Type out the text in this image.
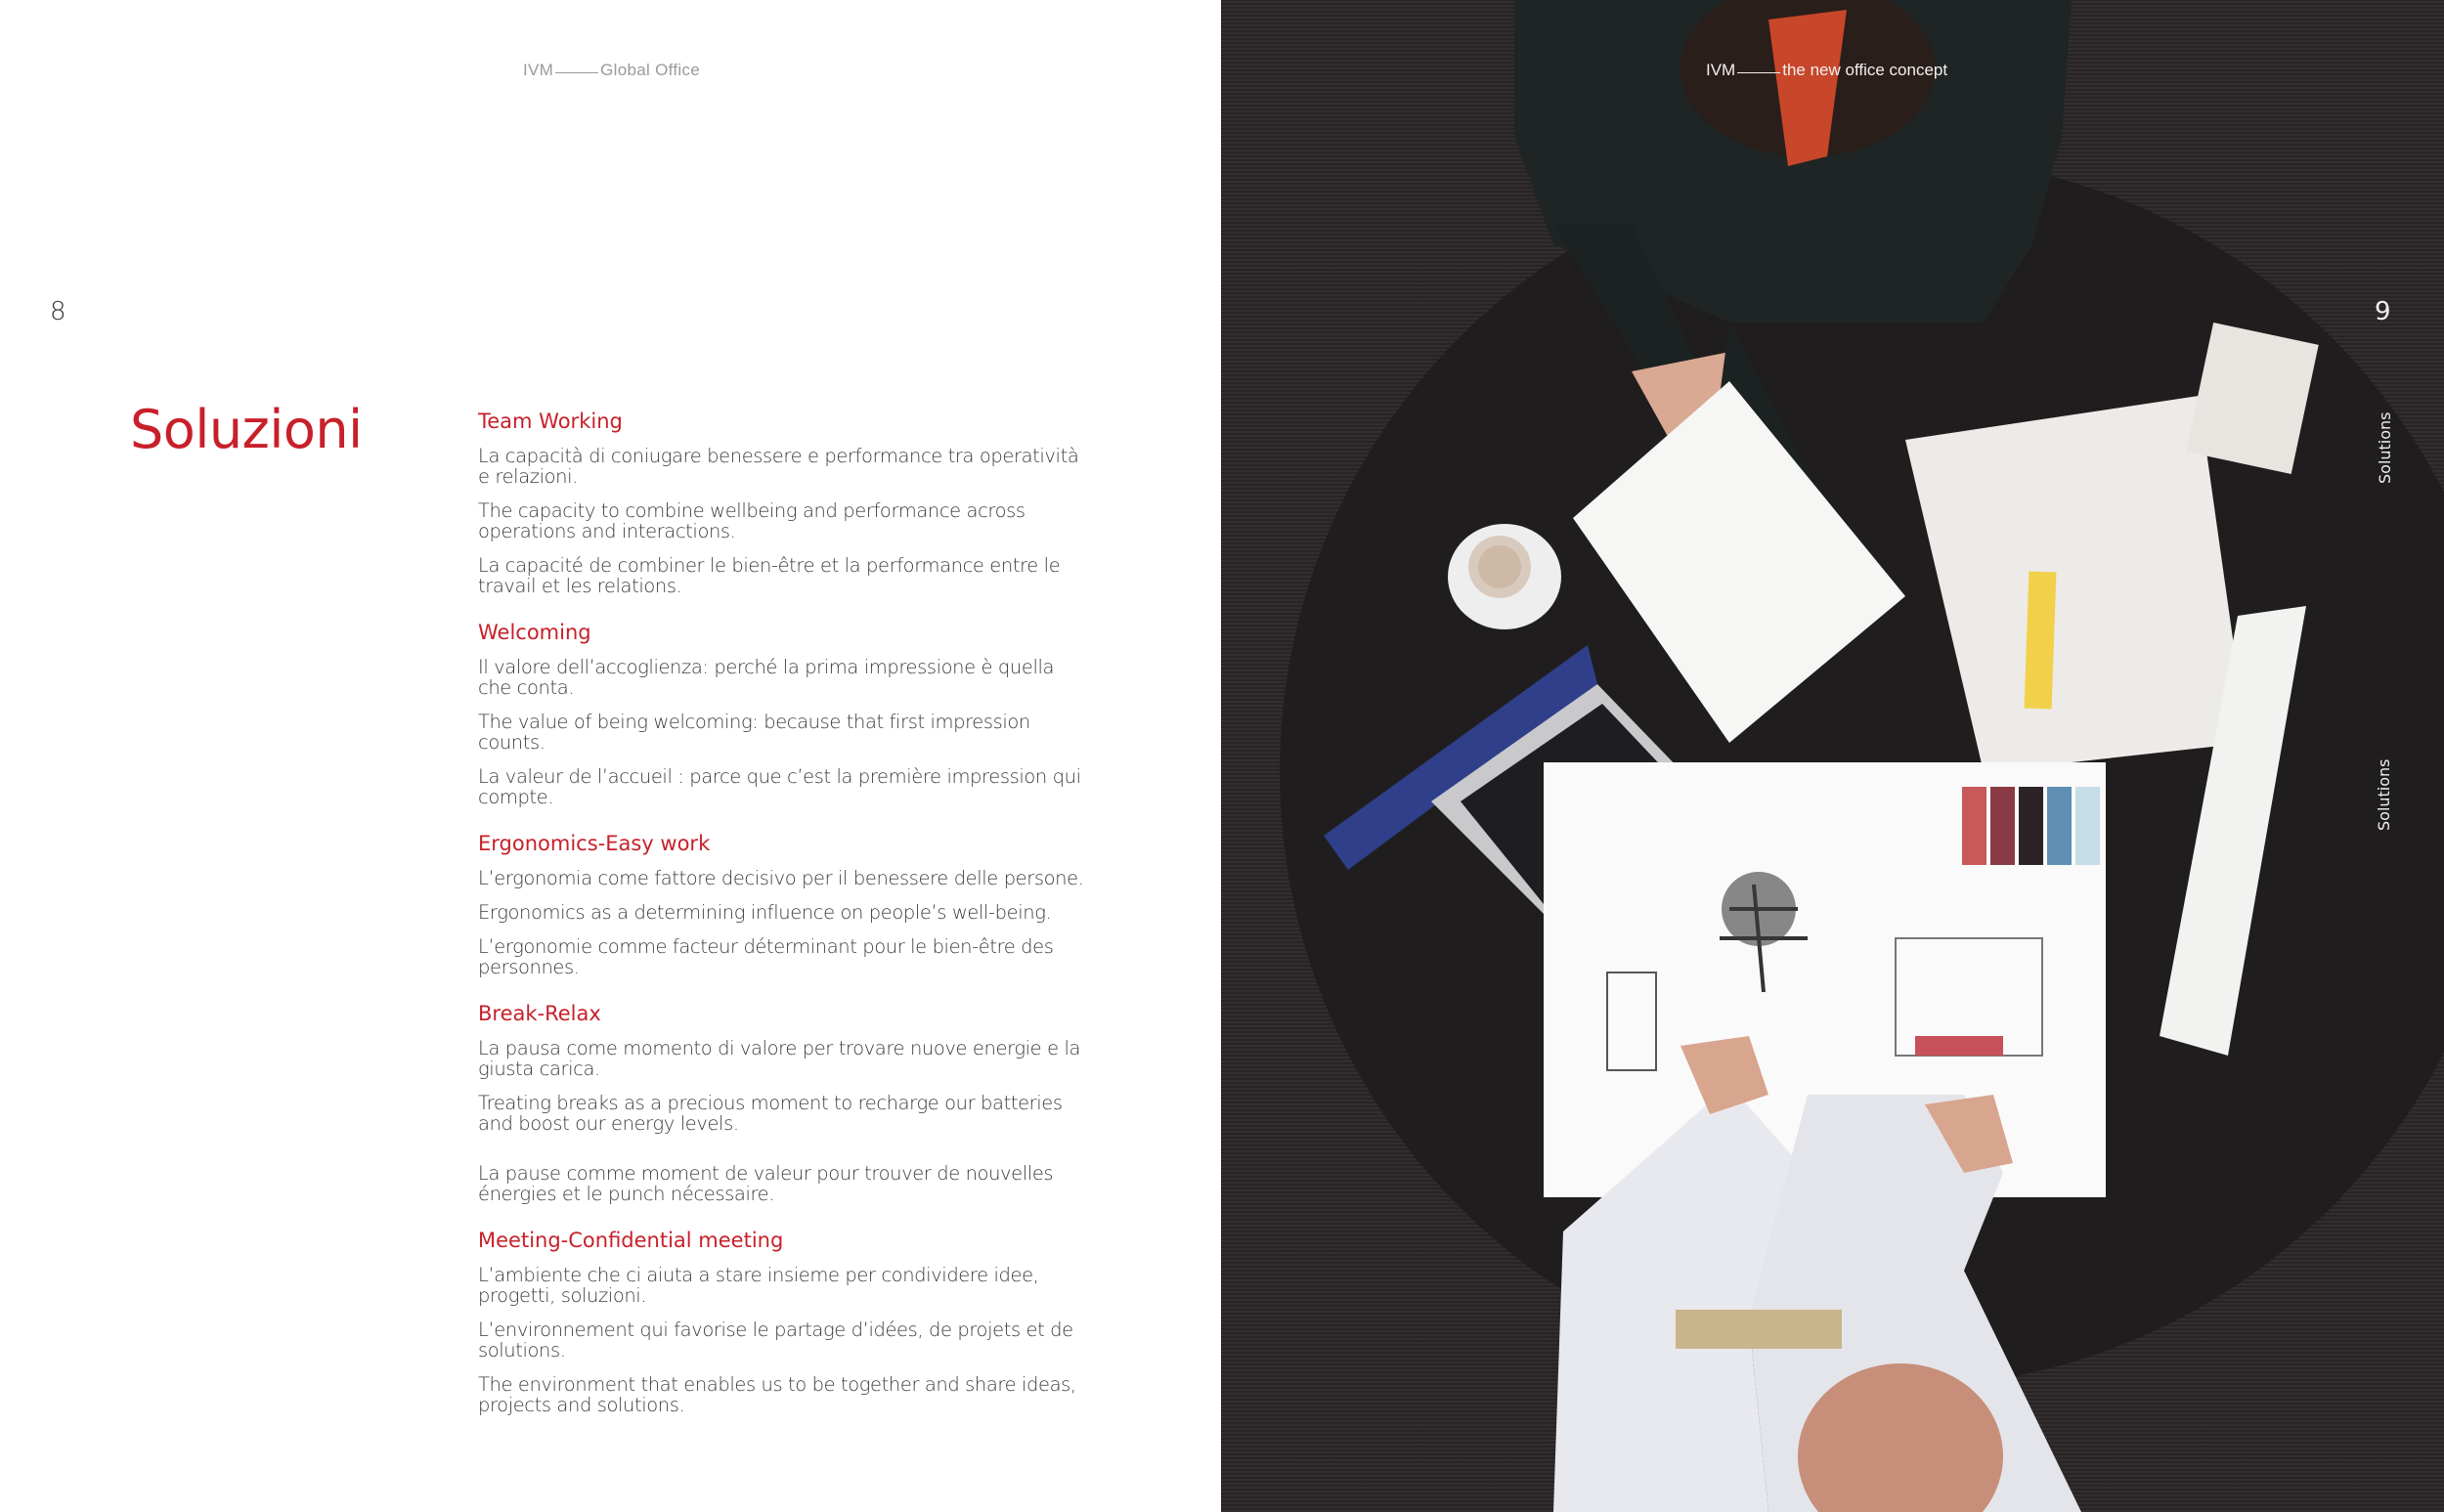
IVM	Global Office
8
Soluzioni	Team Working

La capacità di coniugare benessere e performance tra operatività e relazioni.

The capacity to combine wellbeing and performance across operations and interactions.

La capacité de combiner le bien-être et la performance entre le travail et les relations.

Welcoming

Il valore dell’accoglienza: perché la prima impressione è quella che conta.

The value of being welcoming: because that first impression counts.

La valeur de l’accueil : parce que c’est la première impression qui compte.

Ergonomics-Easy work

L’ergonomia come fattore decisivo per il benessere delle persone.

Ergonomics as a determining influence on people’s well-being.

L’ergonomie comme facteur déterminant pour le bien-être des personnes.

Break-Relax

La pausa come momento di valore per trovare nuove energie e la giusta carica.

Treating breaks as a precious moment to recharge our batteries and boost our energy levels.

La pause comme moment de valeur pour trouver de nouvelles énergies et le punch nécessaire.

Meeting-Confidential meeting

L’ambiente che ci aiuta a stare insieme per condividere idee, progetti, soluzioni.

L’environnement qui favorise le partage d’idées, de projets et de solutions.

The environment that enables us to be together and share ideas, projects and solutions.

IVM	the new office concept
9
Solutions
Solutions
